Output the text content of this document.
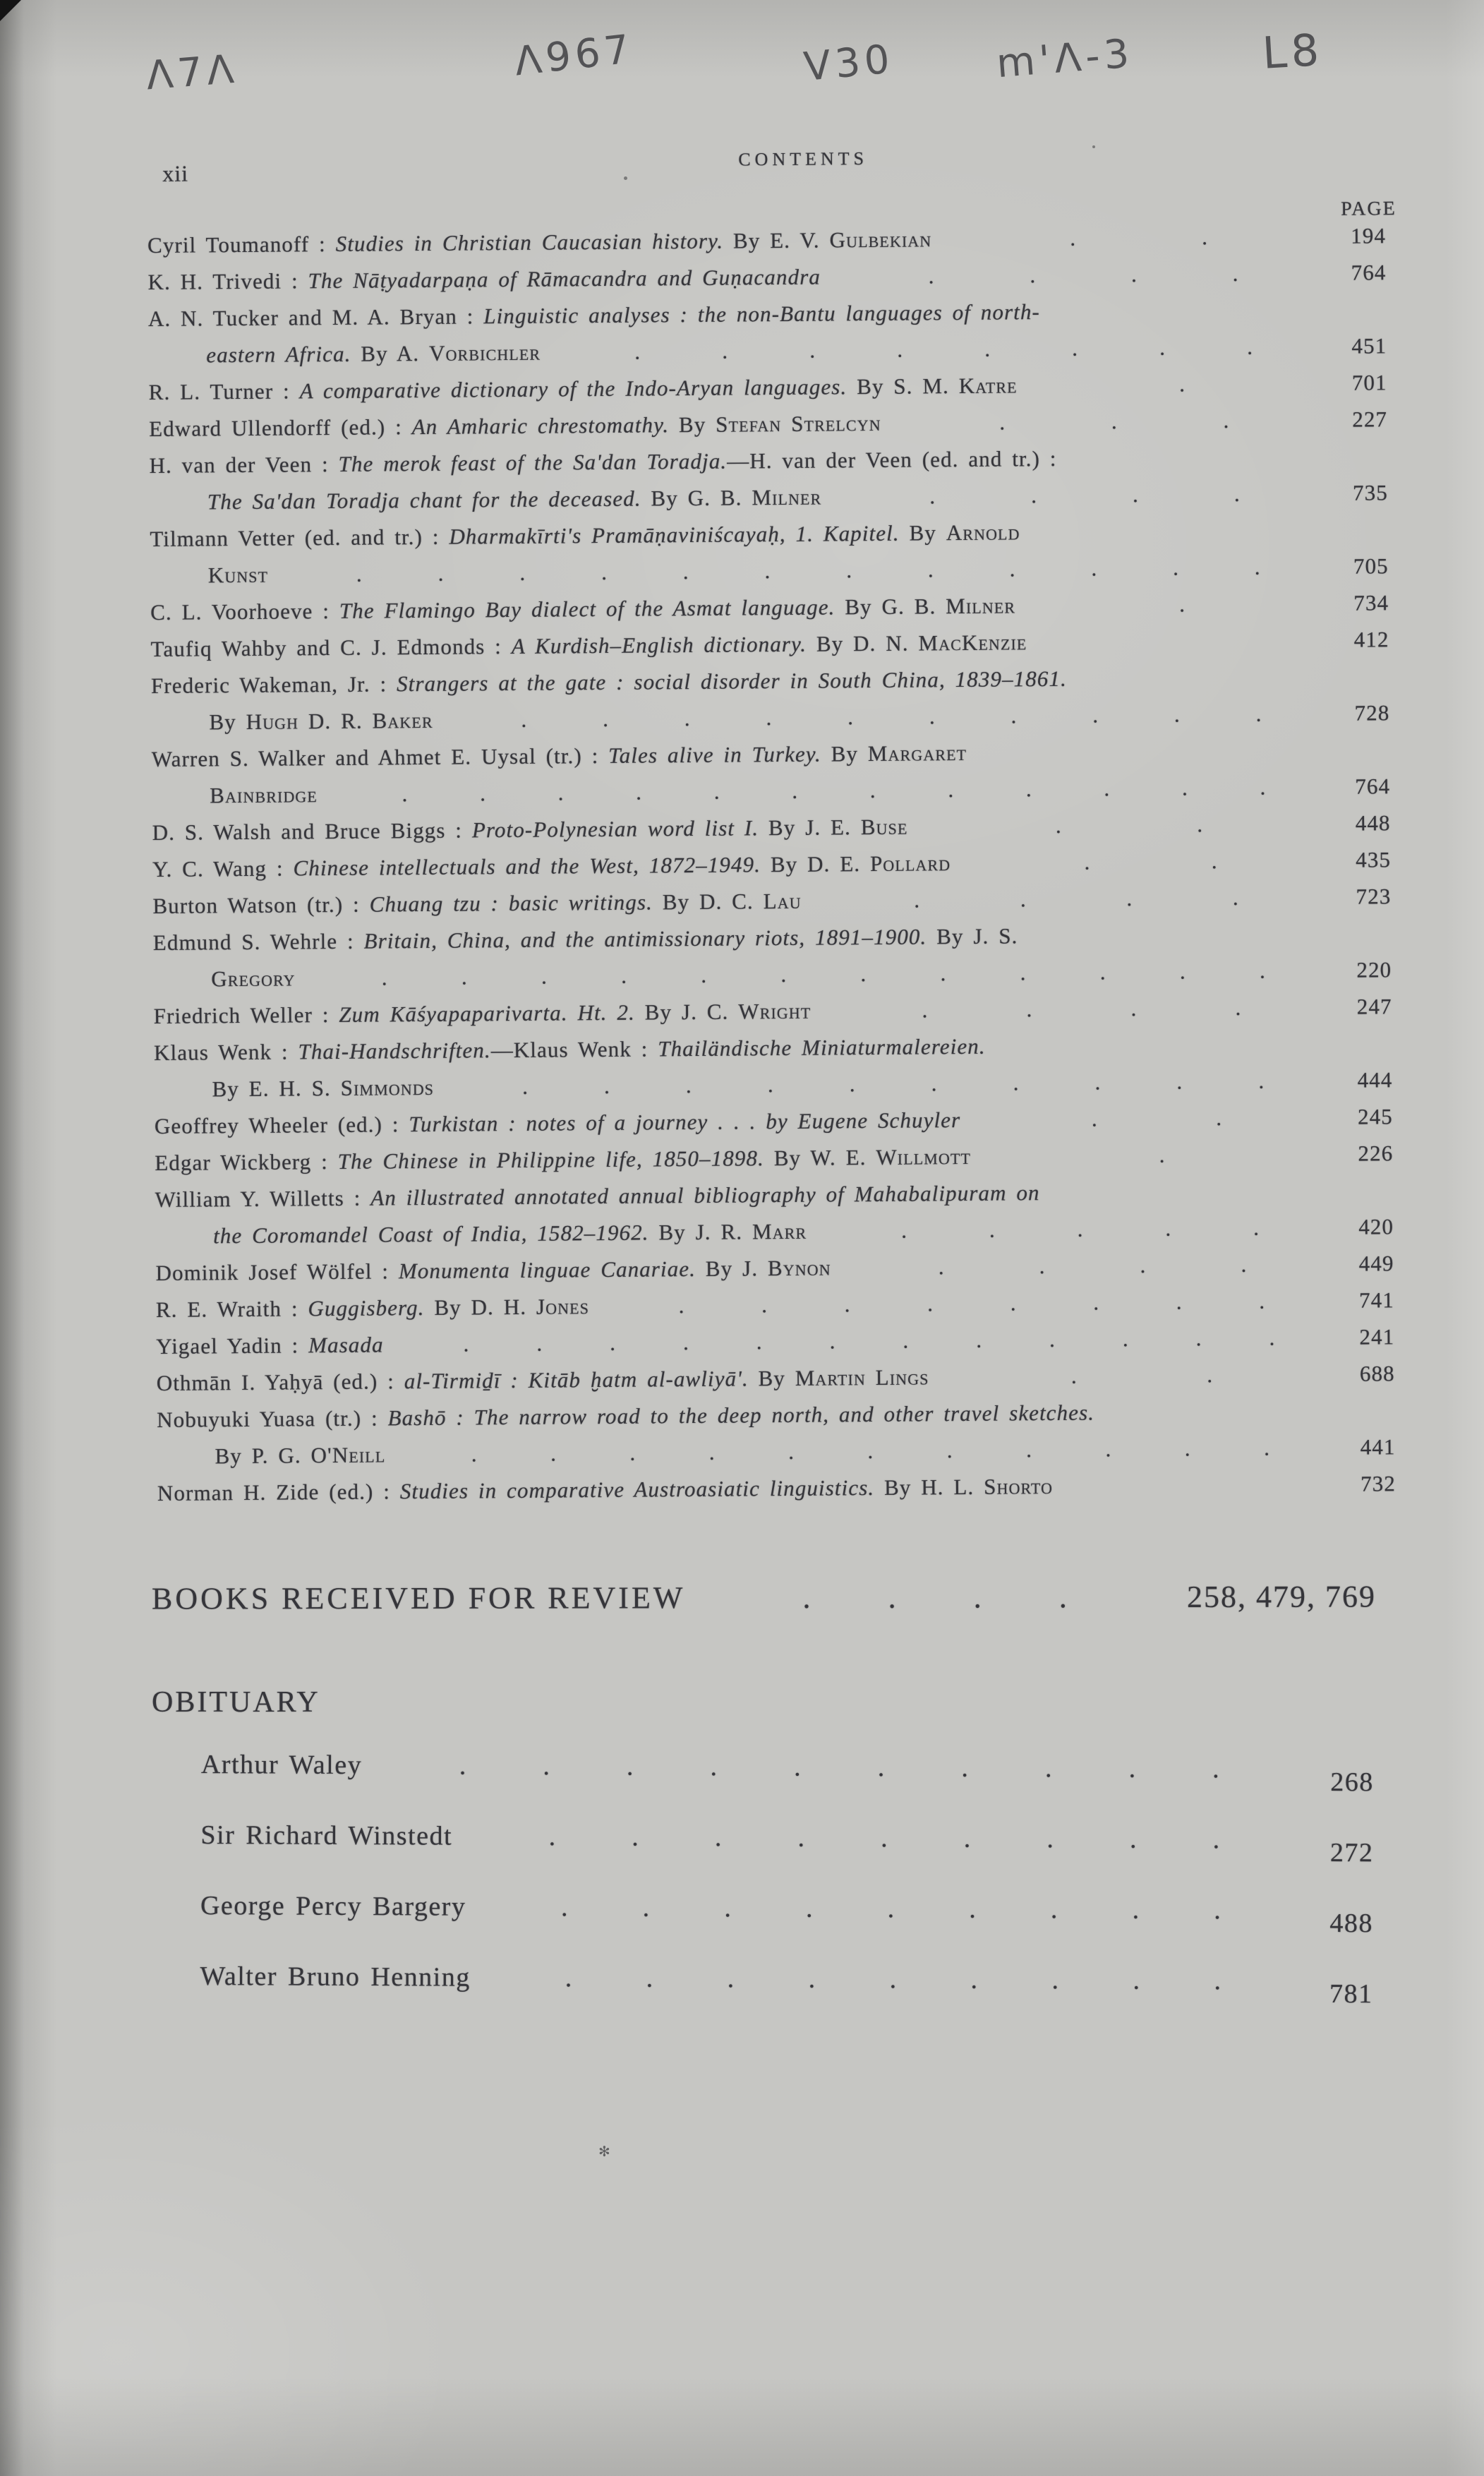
Λ7Λ	Λ967	V30	m'Λ-3	L8
xii
CONTENTS
PAGE
Cyril Toumanoff : Studies in Christian Caucasian history. By E. V. Gulbekian	.	.	194
K. H. Trivedi : The Nāṭyadarpaṇa of Rāmacandra and Guṇacandra	.	.	.	.	764
A. N. Tucker and M. A. Bryan : Linguistic analyses : the non-Bantu languages of north-
eastern Africa. By A. Vorbichler	.	.	.	.	.	.	.	.	451
R. L. Turner : A comparative dictionary of the Indo-Aryan languages. By S. M. Katre	.	701
Edward Ullendorff (ed.) : An Amharic chrestomathy. By Stefan Strelcyn	.	.	.	227
H. van der Veen : The merok feast of the Sa'dan Toradja. —H. van der Veen (ed. and tr.) :
The Sa'dan Toradja chant for the deceased. By G. B. Milner	.	.	.	.	735
Tilmann Vetter (ed. and tr.) : Dharmakīrti's Pramāṇaviniścayaḥ, 1. Kapitel. By Arnold
Kunst	.	.	.	.	.	.	.	.	.	.	.	.	705
C. L. Voorhoeve : The Flamingo Bay dialect of the Asmat language. By G. B. Milner	.	734
Taufiq Wahby and C. J. Edmonds : A Kurdish–English dictionary. By D. N. MacKenzie	412
Frederic Wakeman, Jr. : Strangers at the gate : social disorder in South China, 1839–1861.
By Hugh D. R. Baker	.	.	.	.	.	.	.	.	.	.	728
Warren S. Walker and Ahmet E. Uysal (tr.) : Tales alive in Turkey. By Margaret
Bainbridge	.	.	.	.	.	.	.	.	.	.	.	.	764
D. S. Walsh and Bruce Biggs : Proto-Polynesian word list I. By J. E. Buse	.	.	448
Y. C. Wang : Chinese intellectuals and the West, 1872–1949. By D. E. Pollard	.	.	435
Burton Watson (tr.) : Chuang tzu : basic writings. By D. C. Lau	.	.	.	.	723
Edmund S. Wehrle : Britain, China, and the antimissionary riots, 1891–1900. By J. S.
Gregory	.	.	.	.	.	.	.	.	.	.	.	.	220
Friedrich Weller : Zum Kāśyapaparivarta. Ht. 2. By J. C. Wright	.	.	.	.	247
Klaus Wenk : Thai-Handschriften. —Klaus Wenk : Thailändische Miniaturmalereien.
By E. H. S. Simmonds	.	.	.	.	.	.	.	.	.	.	444
Geoffrey Wheeler (ed.) : Turkistan : notes of a journey . . . by Eugene Schuyler	.	.	245
Edgar Wickberg : The Chinese in Philippine life, 1850–1898. By W. E. Willmott	.	226
William Y. Willetts : An illustrated annotated annual bibliography of Mahabalipuram on
the Coromandel Coast of India, 1582–1962. By J. R. Marr	.	.	.	.	.	420
Dominik Josef Wölfel : Monumenta linguae Canariae. By J. Bynon	.	.	.	.	449
R. E. Wraith : Guggisberg. By D. H. Jones	.	.	.	.	.	.	.	.	741
Yigael Yadin : Masada	.	.	.	.	.	.	.	.	.	.	.	.	241
Othmān I. Yaḥyā (ed.) : al-Tirmiḏī : Kitāb ḫatm al-awliyā'. By Martin Lings	.	.	688
Nobuyuki Yuasa (tr.) : Bashō : The narrow road to the deep north, and other travel sketches.
By P. G. O'Neill	.	.	.	.	.	.	.	.	.	.	.	441
Norman H. Zide (ed.) : Studies in comparative Austroasiatic linguistics. By H. L. Shorto	732
BOOKS RECEIVED FOR REVIEW	. . . .	258, 479, 769
OBITUARY
Arthur Waley	.	.	.	.	.	.	.	.	.	.	268
Sir Richard Winstedt	.	.	.	.	.	.	.	.	.	272
George Percy Bargery	.	.	.	.	.	.	.	.	.	488
Walter Bruno Henning	.	.	.	.	.	.	.	.	.	781
✻
